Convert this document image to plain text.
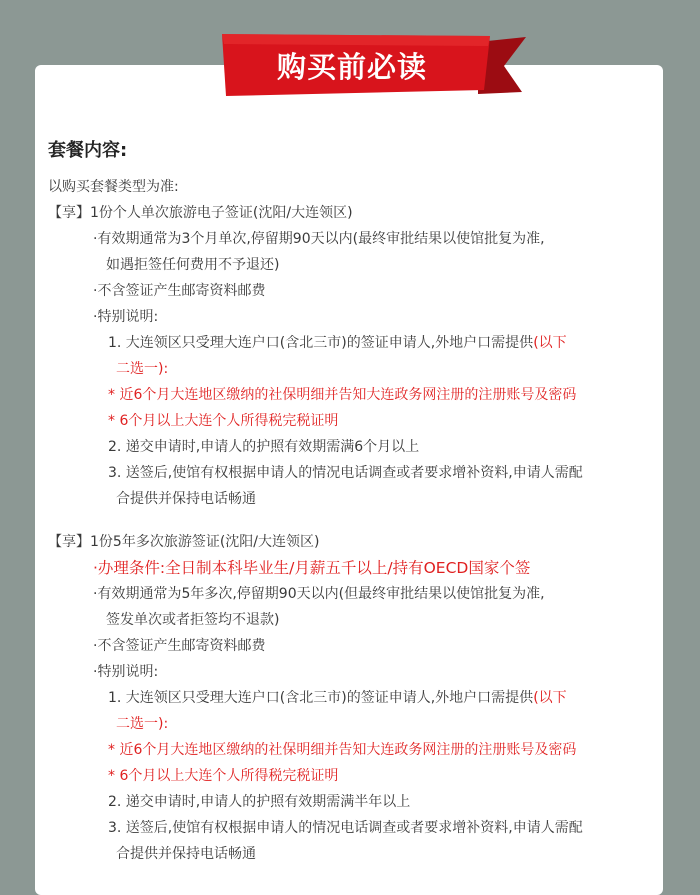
购买前必读
套餐内容:
以购买套餐类型为准:
【享】1份个人单次旅游电子签证(沈阳/大连领区)
·有效期通常为3个月单次,停留期90天以内(最终审批结果以使馆批复为准,
如遇拒签任何费用不予退还)
·不含签证产生邮寄资料邮费
·特别说明:
1. 大连领区只受理大连户口(含北三市)的签证申请人,外地户口需提供(以下
二选一):
* 近6个月大连地区缴纳的社保明细并告知大连政务网注册的注册账号及密码
* 6个月以上大连个人所得税完税证明
2. 递交申请时,申请人的护照有效期需满6个月以上
3. 送签后,使馆有权根据申请人的情况电话调查或者要求增补资料,申请人需配
合提供并保持电话畅通
【享】1份5年多次旅游签证(沈阳/大连领区)
·办理条件:全日制本科毕业生/月薪五千以上/持有OECD国家个签
·有效期通常为5年多次,停留期90天以内(但最终审批结果以使馆批复为准,
签发单次或者拒签均不退款)
·不含签证产生邮寄资料邮费
·特别说明:
1. 大连领区只受理大连户口(含北三市)的签证申请人,外地户口需提供(以下
二选一):
* 近6个月大连地区缴纳的社保明细并告知大连政务网注册的注册账号及密码
* 6个月以上大连个人所得税完税证明
2. 递交申请时,申请人的护照有效期需满半年以上
3. 送签后,使馆有权根据申请人的情况电话调查或者要求增补资料,申请人需配
合提供并保持电话畅通
